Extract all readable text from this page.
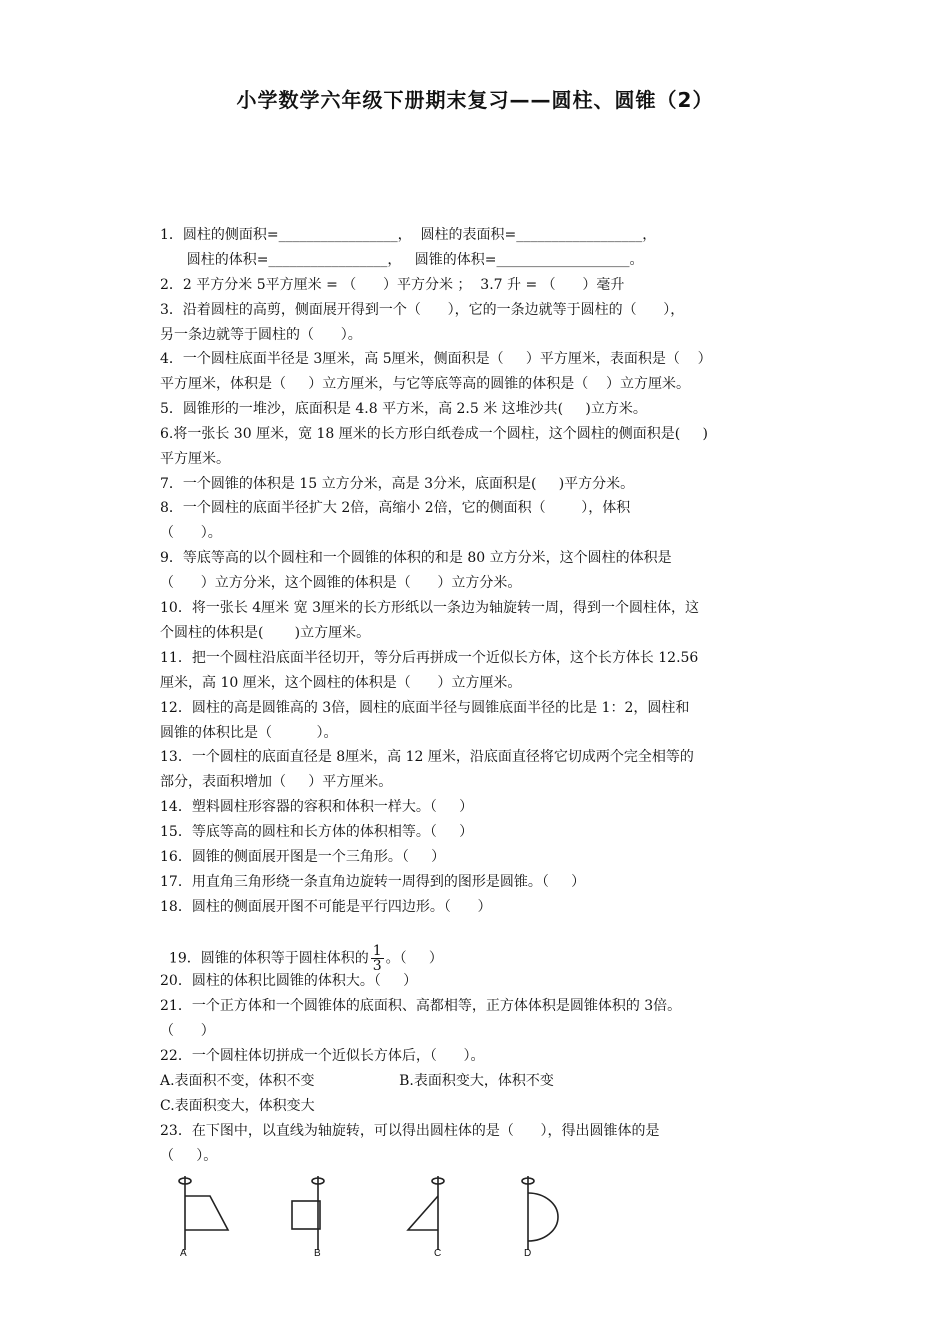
小学数学六年级下册期末复习——圆柱、圆锥（2）
1．圆柱的侧面积=_________________，  圆柱的表面积=__________________，
圆柱的体积=_________________，   圆锥的体积=___________________。
2．2 平方分米 5平方厘米 = （      ）平方分米 ；  3.7 升 = （      ）毫升
3．沿着圆柱的高剪，侧面展开得到一个（      ），它的一条边就等于圆柱的（      ），
另一条边就等于圆柱的（      ）。
4．一个圆柱底面半径是 3厘米，高 5厘米，侧面积是（     ）平方厘米，表面积是（    ）
平方厘米，体积是（     ）立方厘米，与它等底等高的圆锥的体积是（    ）立方厘米。
5．圆锥形的一堆沙，底面积是 4.8 平方米，高 2.5 米 这堆沙共(     )立方米。
6.将一张长 30 厘米，宽 18 厘米的长方形白纸卷成一个圆柱，这个圆柱的侧面积是(     )
平方厘米。
7．一个圆锥的体积是 15 立方分米，高是 3分米，底面积是(     )平方分米。
8．一个圆柱的底面半径扩大 2倍，高缩小 2倍，它的侧面积（        ），体积
（      ）。
9．等底等高的以个圆柱和一个圆锥的体积的和是 80 立方分米，这个圆柱的体积是
（      ）立方分米，这个圆锥的体积是（      ）立方分米。
10．将一张长 4厘米 宽 3厘米的长方形纸以一条边为轴旋转一周，得到一个圆柱体，这
个圆柱的体积是(       )立方厘米。
11．把一个圆柱沿底面半径切开，等分后再拼成一个近似长方体，这个长方体长 12.56
厘米，高 10 厘米，这个圆柱的体积是（      ）立方厘米。
12．圆柱的高是圆锥高的 3倍，圆柱的底面半径与圆锥底面半径的比是 1：2，圆柱和
圆锥的体积比是（          ）。
13．一个圆柱的底面直径是 8厘米，高 12 厘米，沿底面直径将它切成两个完全相等的
部分，表面积增加（     ）平方厘米。
14．塑料圆柱形容器的容积和体积一样大。（     ）
15．等底等高的圆柱和长方体的体积相等。（     ）
16．圆锥的侧面展开图是一个三角形。（     ）
17．用直角三角形绕一条直角边旋转一周得到的图形是圆锥。（     ）
18．圆柱的侧面展开图不可能是平行四边形。（      ）

19．圆锥的体积等于圆柱体积的 $\frac{1}{3}$ 。（     ）

20．圆柱的体积比圆锥的体积大。（     ）
21．一个正方体和一个圆锥体的底面积、高都相等，正方体体积是圆锥体积的 3倍。
（      ）
22．一个圆柱体切拼成一个近似长方体后，（      ）。
A.表面积不变，体积不变                   B.表面积变大，体积不变
C.表面积变大，体积变大
23．在下图中，以直线为轴旋转，可以得出圆柱体的是（      ），得出圆锥体的是
（     ）。
A	B	C	D
